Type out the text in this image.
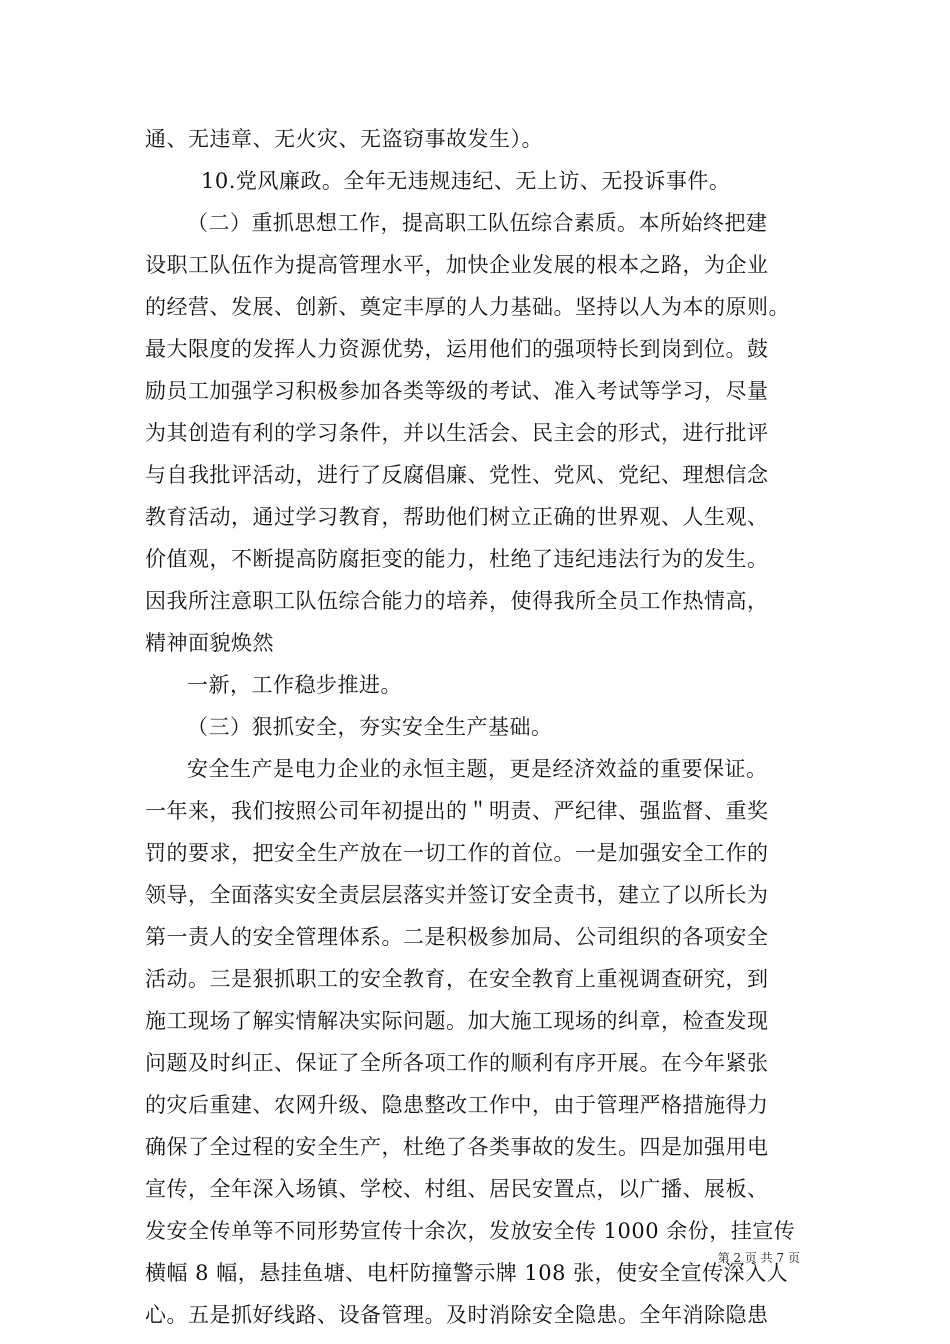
通、无违章、无火灾、无盗窃事故发生）。
10.党风廉政。全年无违规违纪、无上访、无投诉事件。
（二）重抓思想工作，提高职工队伍综合素质。本所始终把建
设职工队伍作为提高管理水平，加快企业发展的根本之路，为企业
的经营、发展、创新、奠定丰厚的人力基础。坚持以人为本的原则。
最大限度的发挥人力资源优势，运用他们的强项特长到岗到位。鼓
励员工加强学习积极参加各类等级的考试、准入考试等学习，尽量
为其创造有利的学习条件，并以生活会、民主会的形式，进行批评
与自我批评活动，进行了反腐倡廉、党性、党风、党纪、理想信念
教育活动，通过学习教育，帮助他们树立正确的世界观、人生观、
价值观，不断提高防腐拒变的能力，杜绝了违纪违法行为的发生。
因我所注意职工队伍综合能力的培养，使得我所全员工作热情高，
精神面貌焕然
一新，工作稳步推进。
（三）狠抓安全，夯实安全生产基础。
安全生产是电力企业的永恒主题，更是经济效益的重要保证。
一年来，我们按照公司年初提出的＂明责、严纪律、强监督、重奖
罚的要求，把安全生产放在一切工作的首位。一是加强安全工作的
领导，全面落实安全责层层落实并签订安全责书，建立了以所长为
第一责人的安全管理体系。二是积极参加局、公司组织的各项安全
活动。三是狠抓职工的安全教育，在安全教育上重视调查研究，到
施工现场了解实情解决实际问题。加大施工现场的纠章，检查发现
问题及时纠正、保证了全所各项工作的顺利有序开展。在今年紧张
的灾后重建、农网升级、隐患整改工作中，由于管理严格措施得力
确保了全过程的安全生产，杜绝了各类事故的发生。四是加强用电
宣传，全年深入场镇、学校、村组、居民安置点，以广播、展板、
发安全传单等不同形势宣传十余次，发放安全传 1000 余份，挂宣传
横幅 8 幅，悬挂鱼塘、电杆防撞警示牌 108 张，使安全宣传深入人
心。五是抓好线路、设备管理。及时消除安全隐患。全年消除隐患
第 2 页 共 7 页
